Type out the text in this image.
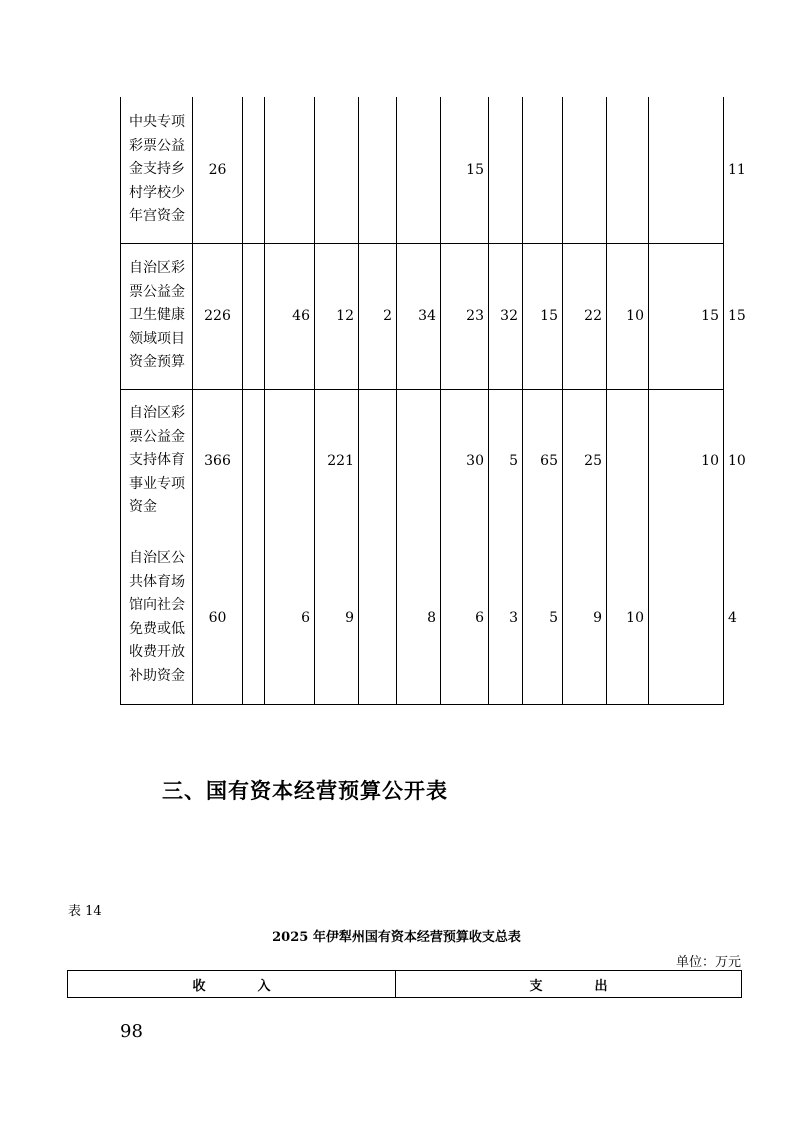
中央专项彩票公益金支持乡村学校少年宫资金	26						15						11
自治区彩票公益金卫生健康领域项目资金预算	226		46	12	2	34	23	32	15	22	10	15	15
自治区彩票公益金支持体育事业专项资金	366			221			30	5	65	25		10	10
自治区公共体育场馆向社会免费或低收费开放补助资金	60		6	9		8	6	3	5	9	10		4
三、国有资本经营预算公开表
表 14
2025 年伊犁州国有资本经营预算收支总表
单位：万元
收　　　　入	支　　　　出
98
